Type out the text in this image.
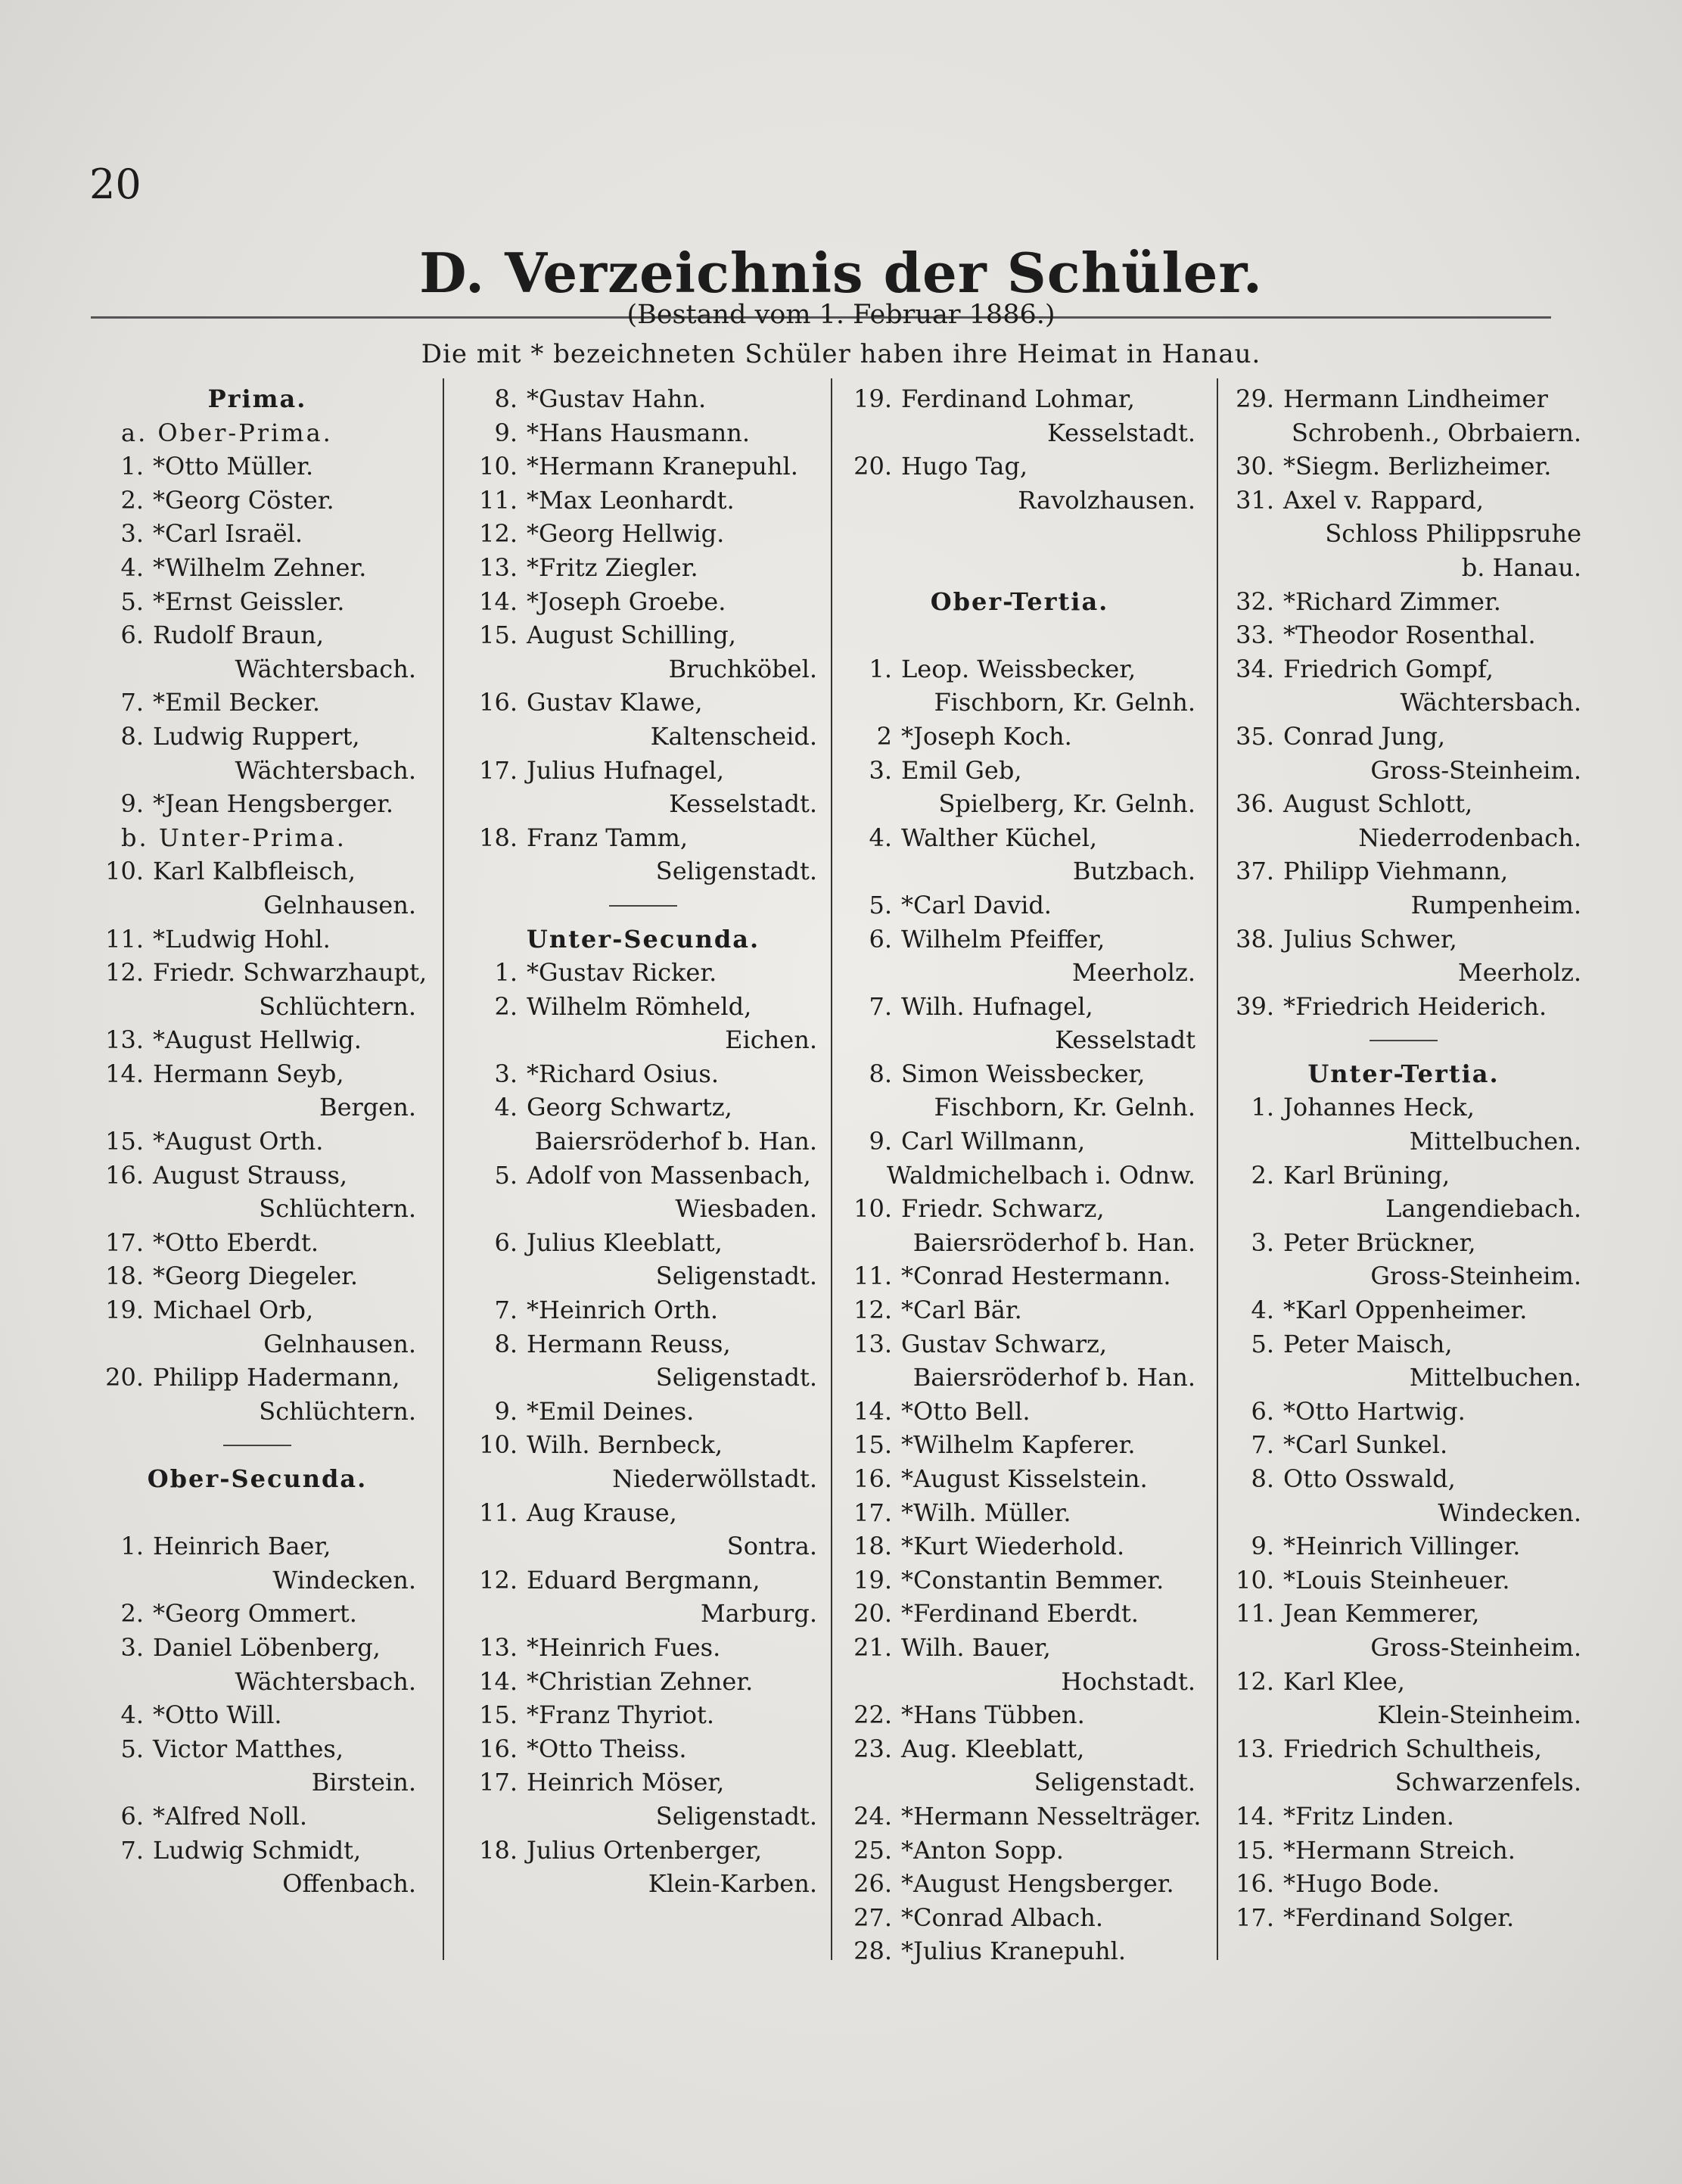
20
D. Verzeichnis der Schüler.
(Bestand vom 1. Februar 1886.)
Die mit * bezeichneten Schüler haben ihre Heimat in Hanau.
Prima.
a. Ober-Prima.
1. *Otto Müller.
2. *Georg Cöster.
3. *Carl Israël.
4. *Wilhelm Zehner.
5. *Ernst Geissler.
6. Rudolf Braun,
Wächtersbach.
7. *Emil Becker.
8. Ludwig Ruppert,
Wächtersbach.
9. *Jean Hengsberger.
b. Unter-Prima.
10. Karl Kalbfleisch,
Gelnhausen.
11. *Ludwig Hohl.
12. Friedr. Schwarzhaupt,
Schlüchtern.
13. *August Hellwig.
14. Hermann Seyb,
Bergen.
15. *August Orth.
16. August Strauss,
Schlüchtern.
17. *Otto Eberdt.
18. *Georg Diegeler.
19. Michael Orb,
Gelnhausen.
20. Philipp Hadermann,
Schlüchtern.
Ober-Secunda.
1. Heinrich Baer,
Windecken.
2. *Georg Ommert.
3. Daniel Löbenberg,
Wächtersbach.
4. *Otto Will.
5. Victor Matthes,
Birstein.
6. *Alfred Noll.
7. Ludwig Schmidt,
Offenbach.
8. *Gustav Hahn.
9. *Hans Hausmann.
10. *Hermann Kranepuhl.
11. *Max Leonhardt.
12. *Georg Hellwig.
13. *Fritz Ziegler.
14. *Joseph Groebe.
15. August Schilling,
Bruchköbel.
16. Gustav Klawe,
Kaltenscheid.
17. Julius Hufnagel,
Kesselstadt.
18. Franz Tamm,
Seligenstadt.
Unter-Secunda.
1. *Gustav Ricker.
2. Wilhelm Römheld,
Eichen.
3. *Richard Osius.
4. Georg Schwartz,
Baiersröderhof b. Han.
5. Adolf von Massenbach,
Wiesbaden.
6. Julius Kleeblatt,
Seligenstadt.
7. *Heinrich Orth.
8. Hermann Reuss,
Seligenstadt.
9. *Emil Deines.
10. Wilh. Bernbeck,
Niederwöllstadt.
11. Aug Krause,
Sontra.
12. Eduard Bergmann,
Marburg.
13. *Heinrich Fues.
14. *Christian Zehner.
15. *Franz Thyriot.
16. *Otto Theiss.
17. Heinrich Möser,
Seligenstadt.
18. Julius Ortenberger,
Klein-Karben.
19. Ferdinand Lohmar,
Kesselstadt.
20. Hugo Tag,
Ravolzhausen.
Ober-Tertia.
1. Leop. Weissbecker,
Fischborn, Kr. Gelnh.
2 *Joseph Koch.
3. Emil Geb,
Spielberg, Kr. Gelnh.
4. Walther Küchel,
Butzbach.
5. *Carl David.
6. Wilhelm Pfeiffer,
Meerholz.
7. Wilh. Hufnagel,
Kesselstadt
8. Simon Weissbecker,
Fischborn, Kr. Gelnh.
9. Carl Willmann,
Waldmichelbach i. Odnw.
10. Friedr. Schwarz,
Baiersröderhof b. Han.
11. *Conrad Hestermann.
12. *Carl Bär.
13. Gustav Schwarz,
Baiersröderhof b. Han.
14. *Otto Bell.
15. *Wilhelm Kapferer.
16. *August Kisselstein.
17. *Wilh. Müller.
18. *Kurt Wiederhold.
19. *Constantin Bemmer.
20. *Ferdinand Eberdt.
21. Wilh. Bauer,
Hochstadt.
22. *Hans Tübben.
23. Aug. Kleeblatt,
Seligenstadt.
24. *Hermann Nesselträger.
25. *Anton Sopp.
26. *August Hengsberger.
27. *Conrad Albach.
28. *Julius Kranepuhl.
29. Hermann Lindheimer
Schrobenh., Obrbaiern.
30. *Siegm. Berlizheimer.
31. Axel v. Rappard,
Schloss Philippsruhe
b. Hanau.
32. *Richard Zimmer.
33. *Theodor Rosenthal.
34. Friedrich Gompf,
Wächtersbach.
35. Conrad Jung,
Gross-Steinheim.
36. August Schlott,
Niederrodenbach.
37. Philipp Viehmann,
Rumpenheim.
38. Julius Schwer,
Meerholz.
39. *Friedrich Heiderich.
Unter-Tertia.
1. Johannes Heck,
Mittelbuchen.
2. Karl Brüning,
Langendiebach.
3. Peter Brückner,
Gross-Steinheim.
4. *Karl Oppenheimer.
5. Peter Maisch,
Mittelbuchen.
6. *Otto Hartwig.
7. *Carl Sunkel.
8. Otto Osswald,
Windecken.
9. *Heinrich Villinger.
10. *Louis Steinheuer.
11. Jean Kemmerer,
Gross-Steinheim.
12. Karl Klee,
Klein-Steinheim.
13. Friedrich Schultheis,
Schwarzenfels.
14. *Fritz Linden.
15. *Hermann Streich.
16. *Hugo Bode.
17. *Ferdinand Solger.
